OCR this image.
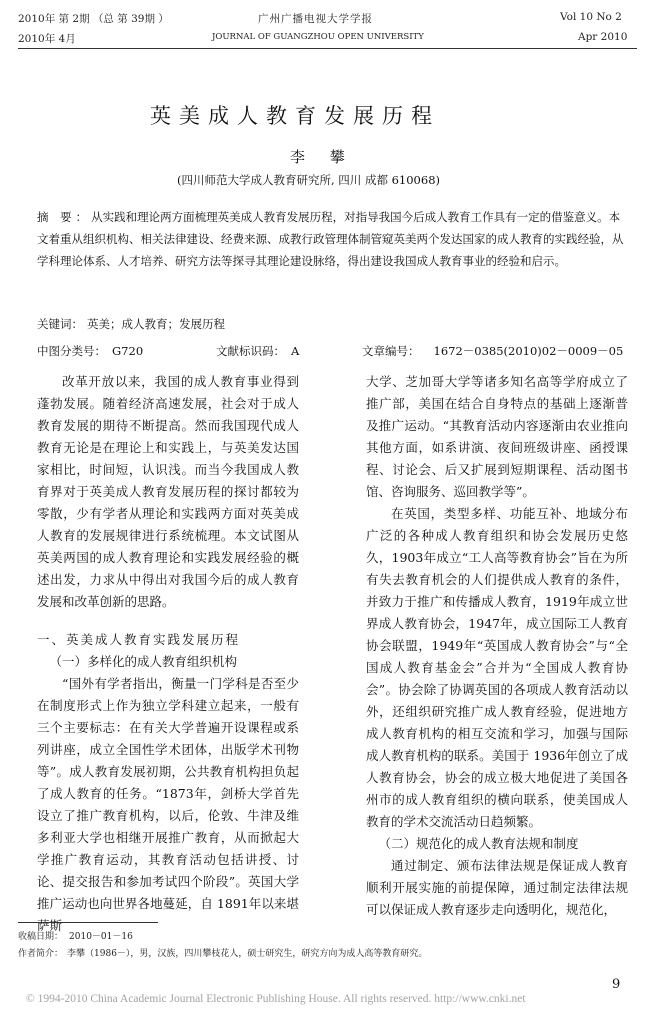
2010年 第 2期 （总 第 39期 ）	广州广播电视大学学报	Vol 10 No 2
2010年 4月	JOURNAL OF GUANGZHOU OPEN UNIVERSITY	Apr 2010
英美成人教育发展历程
李 攀
(四川师范大学成人教育研究所, 四川 成都 610068)
摘 要：从实践和理论两方面梳理英美成人教育发展历程，对指导我国今后成人教育工作具有一定的借鉴意义。本文着重从组织机构、相关法律建设、经费来源、成教行政管理体制管窥英美两个发达国家的成人教育的实践经验，从学科理论体系、人才培养、研究方法等探寻其理论建设脉络，得出建设我国成人教育事业的经验和启示。
关键词： 英美；成人教育；发展历程
中图分类号： G720	文献标识码： A	文章编号： 1672－0385(2010)02－0009－05

改革开放以来，我国的成人教育事业得到蓬勃发展。随着经济高速发展，社会对于成人教育发展的期待不断提高。然而我国现代成人教育无论是在理论上和实践上，与英美发达国家相比，时间短，认识浅。而当今我国成人教育界对于英美成人教育发展历程的探讨都较为零散，少有学者从理论和实践两方面对英美成人教育的发展规律进行系统梳理。本文试图从英美两国的成人教育理论和实践发展经验的概述出发，力求从中得出对我国今后的成人教育发展和改革创新的思路。

一、英美成人教育实践发展历程

（一）多样化的成人教育组织机构

“国外有学者指出，衡量一门学科是否至少在制度形式上作为独立学科建立起来，一般有三个主要标志：在有关大学普遍开设课程或系列讲座，成立全国性学术团体，出版学术刊物等”。成人教育发展初期，公共教育机构担负起了成人教育的任务。“1873年，剑桥大学首先设立了推广教育机构，以后，伦敦、牛津及维多利亚大学也相继开展推广教育，从而掀起大学推广教育运动，其教育活动包括讲授、讨论、提交报告和参加考试四个阶段”。英国大学推广运动也向世界各地蔓延，自 1891年以来堪萨斯

大学、芝加哥大学等诸多知名高等学府成立了推广部，美国在结合自身特点的基础上逐渐普及推广运动。“其教育活动内容逐渐由农业推向其他方面，如系讲演、夜间班级讲座、函授课程、讨论会、后又扩展到短期课程、活动图书馆、咨询服务、巡回教学等”。

在英国，类型多样、功能互补、地域分布广泛的各种成人教育组织和协会发展历史悠久，1903年成立“工人高等教育协会”旨在为所有失去教育机会的人们提供成人教育的条件，并致力于推广和传播成人教育，1919年成立世界成人教育协会，1947年，成立国际工人教育协会联盟，1949年“英国成人教育协会”与“全国成人教育基金会”合并为“全国成人教育协会”。协会除了协调英国的各项成人教育活动以外，还组织研究推广成人教育经验，促进地方成人教育机构的相互交流和学习，加强与国际成人教育机构的联系。美国于 1936年创立了成人教育协会，协会的成立极大地促进了美国各州市的成人教育组织的横向联系，使美国成人教育的学术交流活动日趋频繁。

（二）规范化的成人教育法规和制度

通过制定、颁布法律法规是保证成人教育顺利开展实施的前提保障，通过制定法律法规可以保证成人教育逐步走向透明化，规范化，

收稿日期： 2010－01－16
作者简介： 李攀（1986－），男，汉族，四川攀枝花人，硕士研究生，研究方向为成人高等教育研究。
9
© 1994-2010 China Academic Journal Electronic Publishing House. All rights reserved. http://www.cnki.net
